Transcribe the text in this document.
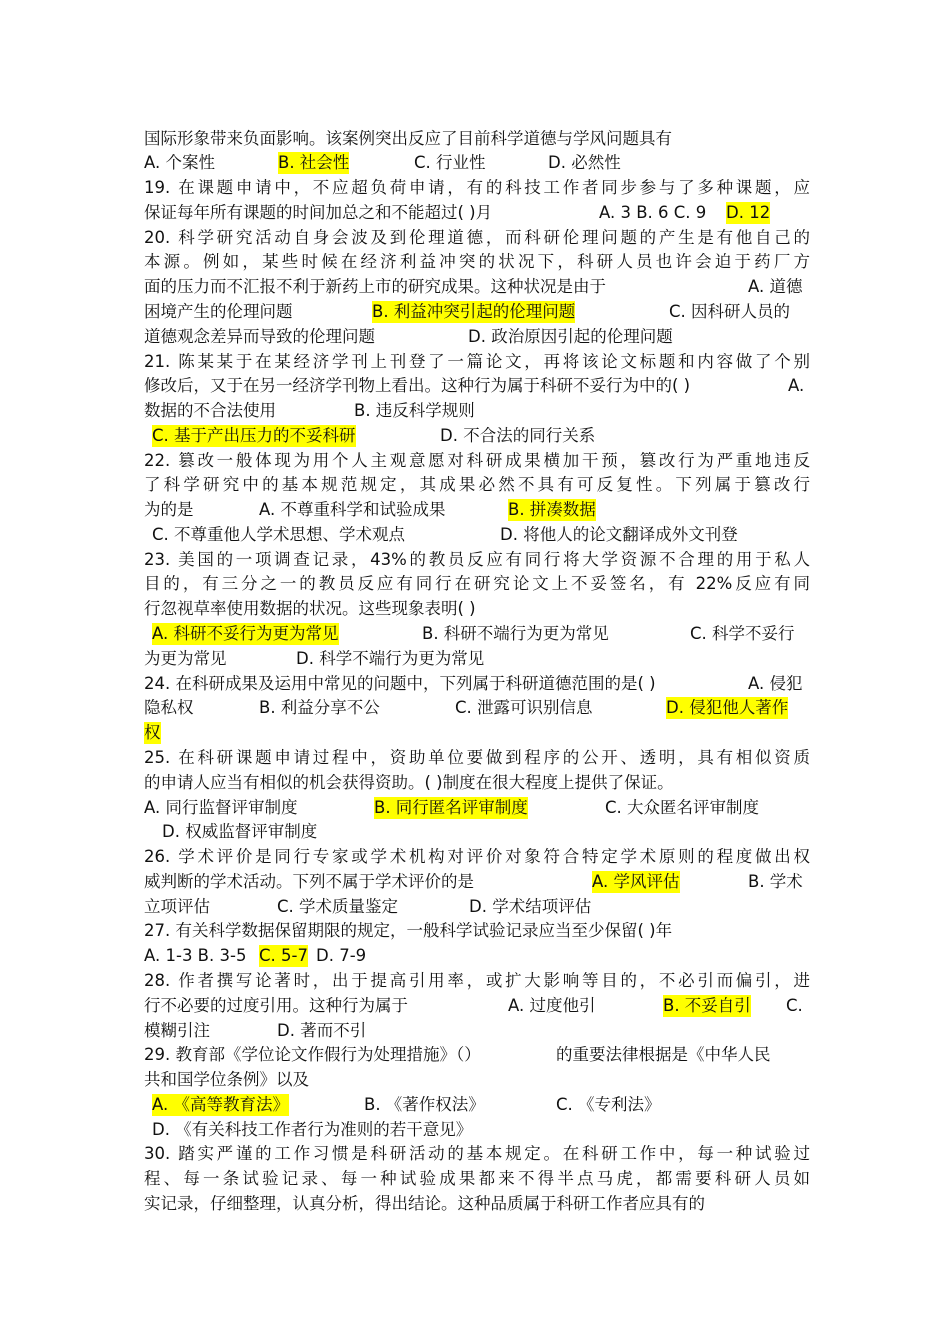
国际形象带来负面影响。该案例突出反应了目前科学道德与学风问题具有
A. 个案性	B. 社会性	C. 行业性	D. 必然性
19. 在课题申请中，不应超负荷申请，有的科技工作者同步参与了多种课题，应
保证每年所有课题的时间加总之和不能超过( )月	A. 3 B. 6 C. 9 D. 12
20. 科学研究活动自身会波及到伦理道德，而科研伦理问题的产生是有他自己的
本源。例如，某些时候在经济利益冲突的状况下，科研人员也许会迫于药厂方
面的压力而不汇报不利于新药上市的研究成果。这种状况是由于	A. 道德
困境产生的伦理问题	B. 利益冲突引起的伦理问题	C. 因科研人员的
道德观念差异而导致的伦理问题	D. 政治原因引起的伦理问题
21. 陈某某于在某经济学刊上刊登了一篇论文，再将该论文标题和内容做了个别
修改后，又于在另一经济学刊物上看出。这种行为属于科研不妥行为中的( )	A.
数据的不合法使用	B. 违反科学规则
C. 基于产出压力的不妥科研	D. 不合法的同行关系
22. 篡改一般体现为用个人主观意愿对科研成果横加干预，篡改行为严重地违反
了科学研究中的基本规范规定，其成果必然不具有可反复性。下列属于篡改行
为的是	A. 不尊重科学和试验成果	B. 拼凑数据
C. 不尊重他人学术思想、学术观点	D. 将他人的论文翻译成外文刊登
23. 美国的一项调查记录，43%的教员反应有同行将大学资源不合理的用于私人
目的，有三分之一的教员反应有同行在研究论文上不妥签名，有 22%反应有同
行忽视草率使用数据的状况。这些现象表明( )
A. 科研不妥行为更为常见	B. 科研不端行为更为常见	C. 科学不妥行
为更为常见	D. 科学不端行为更为常见
24. 在科研成果及运用中常见的问题中，下列属于科研道德范围的是( )	A. 侵犯
隐私权	B. 利益分享不公	C. 泄露可识别信息	D. 侵犯他人著作
权
25. 在科研课题申请过程中，资助单位要做到程序的公开、透明，具有相似资质
的申请人应当有相似的机会获得资助。( )制度在很大程度上提供了保证。
A. 同行监督评审制度	B. 同行匿名评审制度	C. 大众匿名评审制度
D. 权威监督评审制度
26. 学术评价是同行专家或学术机构对评价对象符合特定学术原则的程度做出权
威判断的学术活动。下列不属于学术评价的是	A. 学风评估	B. 学术
立项评估	C. 学术质量鉴定	D. 学术结项评估
27. 有关科学数据保留期限的规定，一般科学试验记录应当至少保留( )年
A. 1-3 B. 3-5 C. 5-7 D. 7-9
28. 作者撰写论著时，出于提高引用率，或扩大影响等目的，不必引而偏引，进
行不必要的过度引用。这种行为属于	A. 过度他引	B. 不妥自引 C.
模糊引注	D. 著而不引
29. 教育部《学位论文作假行为处理措施》（）	的重要法律根据是《中华人民
共和国学位条例》以及
A. 《高等教育法》	B. 《著作权法》	C. 《专利法》
D. 《有关科技工作者行为准则的若干意见》
30. 踏实严谨的工作习惯是科研活动的基本规定。在科研工作中，每一种试验过
程、每一条试验记录、每一种试验成果都来不得半点马虎，都需要科研人员如
实记录，仔细整理，认真分析，得出结论。这种品质属于科研工作者应具有的
